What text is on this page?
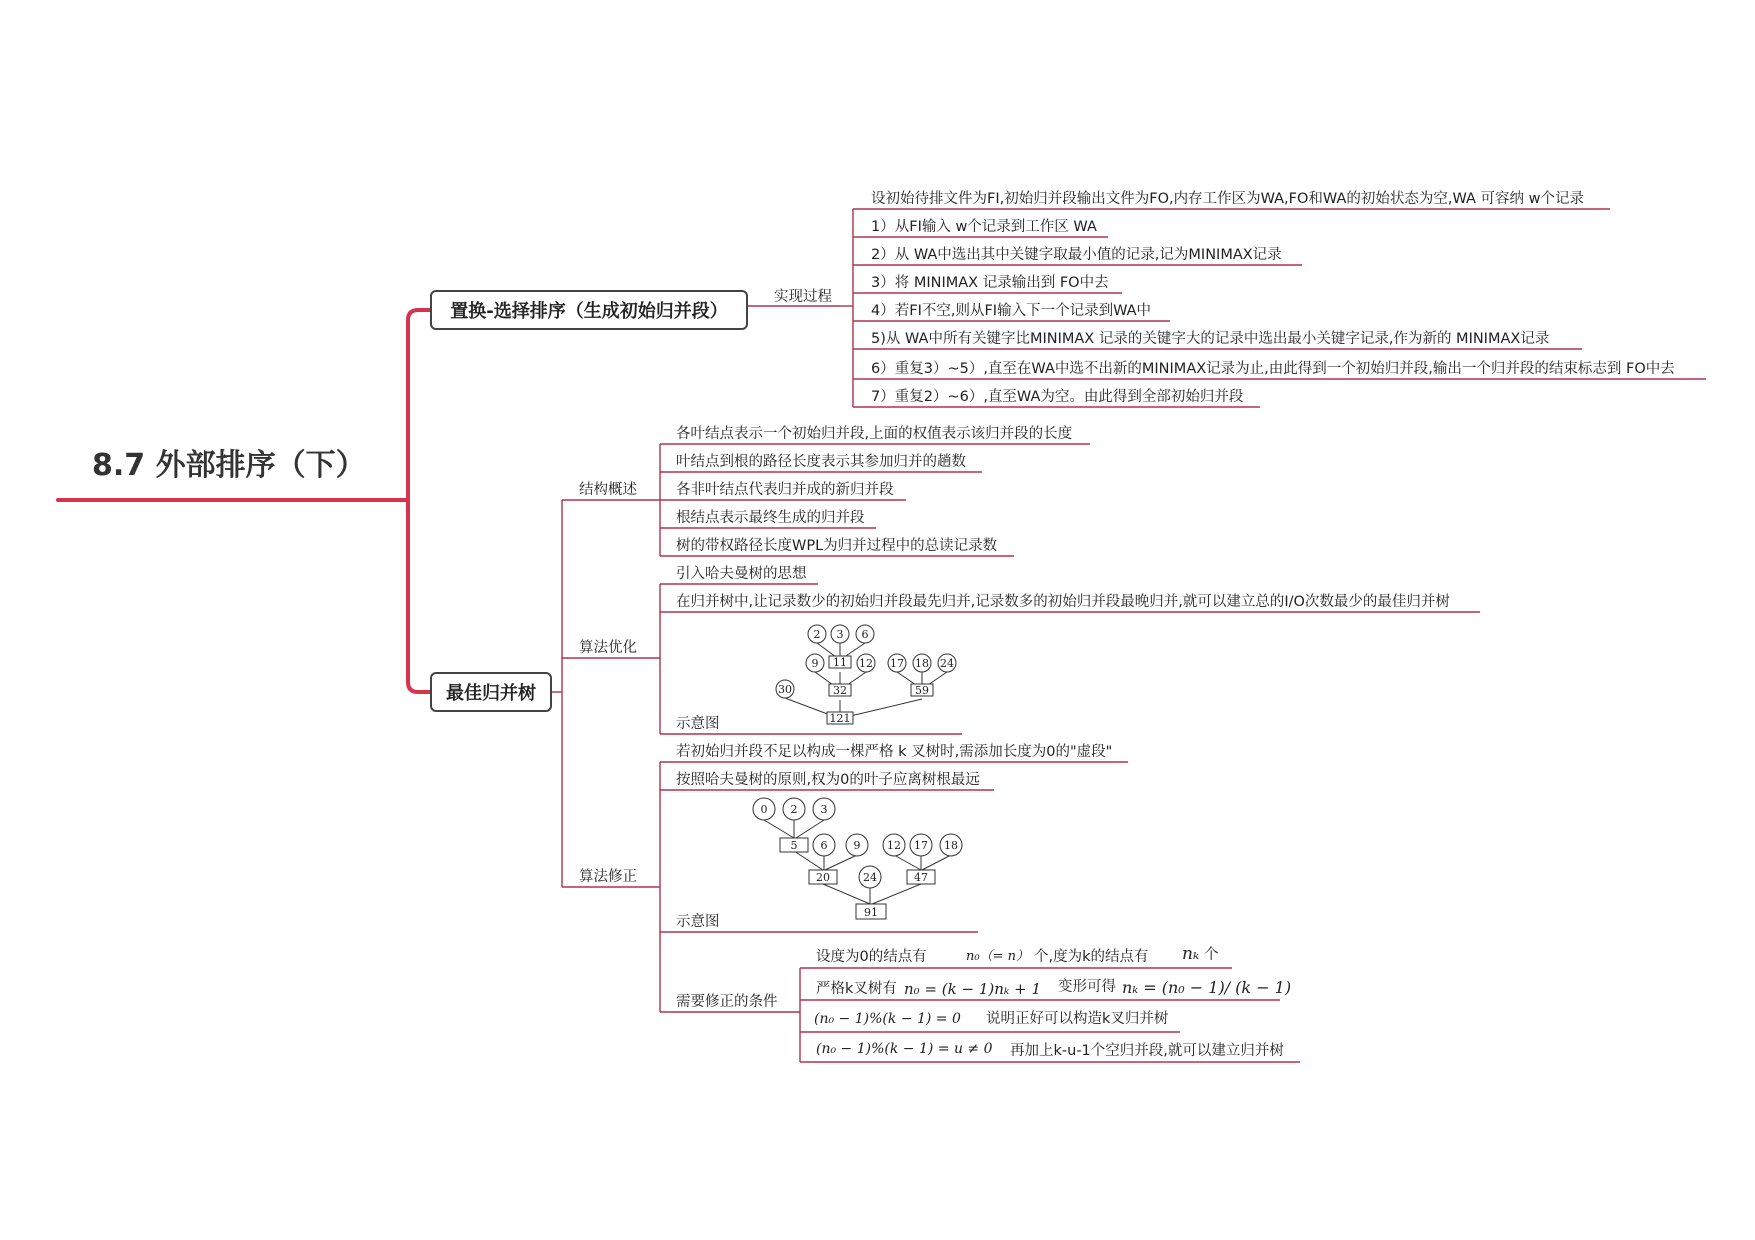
2 3 6
9	12 17 18 24
30
11
32	59
121
0 2 3
6 9 12 17 18
24
5
20	47
91
8.7 外部排序（下）
置换-选择排序（生成初始归并段）
最佳归并树
实现过程
设初始待排文件为FI,初始归并段输出文件为FO,内存工作区为WA,FO和WA的初始状态为空,WA 可容纳 w个记录
1）从FI输入 w个记录到工作区 WA
2）从 WA中选出其中关键字取最小值的记录,记为MINIMAX记录
3）将 MINIMAX 记录输出到 FO中去
4）若FI不空,则从FI输入下一个记录到WA中
5)从 WA中所有关键字比MINIMAX 记录的关键字大的记录中选出最小关键字记录,作为新的 MINIMAX记录
6）重复3）~5）,直至在WA中选不出新的MINIMAX记录为止,由此得到一个初始归并段,输出一个归并段的结束标志到 FO中去
7）重复2）~6）,直至WA为空。由此得到全部初始归并段
结构概述
算法优化
算法修正
各叶结点表示一个初始归并段,上面的权值表示该归并段的长度
叶结点到根的路径长度表示其参加归并的趟数
各非叶结点代表归并成的新归并段
根结点表示最终生成的归并段
树的带权路径长度WPL为归并过程中的总读记录数
引入哈夫曼树的思想
在归并树中,让记录数少的初始归并段最先归并,记录数多的初始归并段最晚归并,就可以建立总的I/O次数最少的最佳归并树
示意图
若初始归并段不足以构成一棵严格 k 叉树时,需添加长度为0的"虚段"
按照哈夫曼树的原则,权为0的叶子应离树根最远
示意图
需要修正的条件
设度为0的结点有	n₀（= n） 个,度为k的结点有 nₖ 个
严格k叉树有 n₀ = (k − 1)nₖ + 1 变形可得 nₖ = (n₀ − 1)/ (k − 1)
(n₀ − 1)%(k − 1) = 0 说明正好可以构造k叉归并树
(n₀ − 1)%(k − 1) = u ≠ 0 再加上k-u-1个空归并段,就可以建立归并树
